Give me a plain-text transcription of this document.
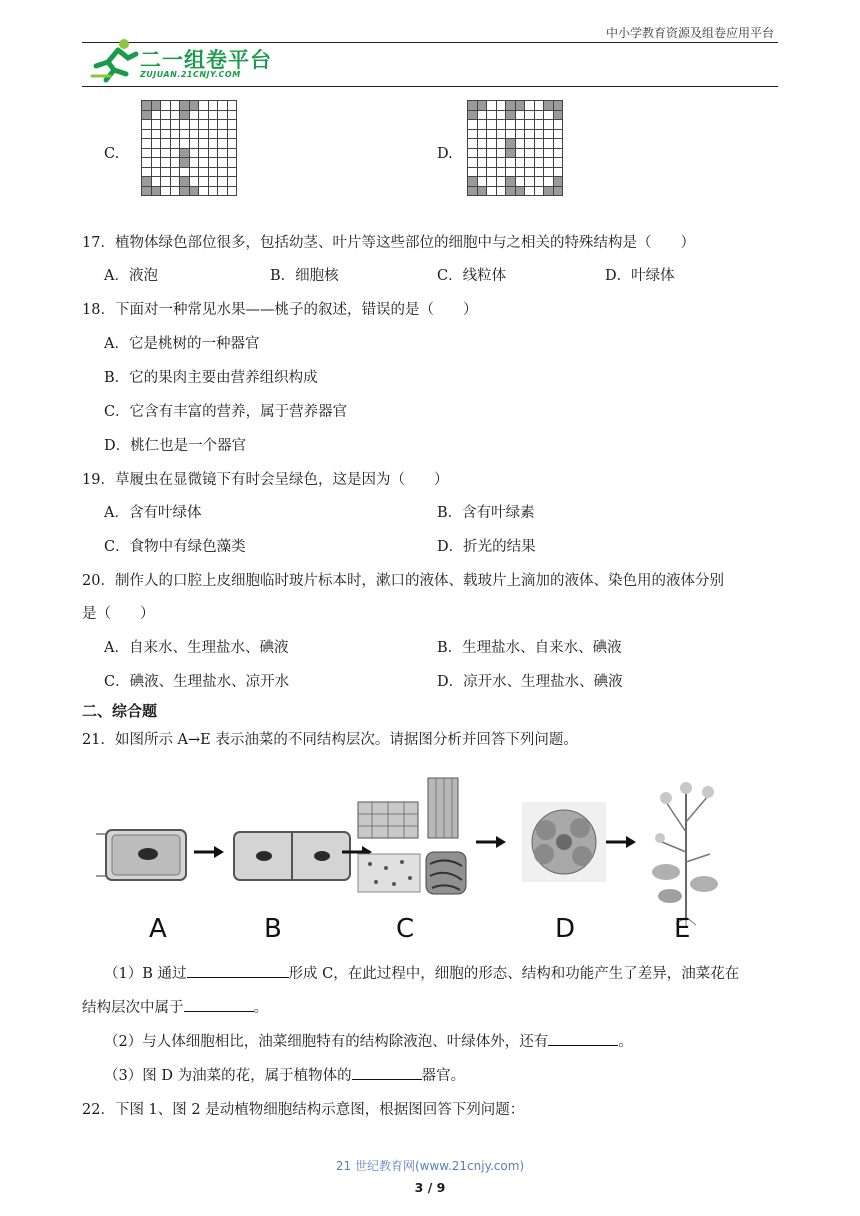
中小学教育资源及组卷应用平台
二一组卷平台
ZUJUAN.21CNJY.COM
C.

										D.

17．植物体绿色部位很多，包括幼茎、叶片等这些部位的细胞中与之相关的特殊结构是（　　）
A．液泡	B．细胞核	C．线粒体	D．叶绿体
18．下面对一种常见水果——桃子的叙述，错误的是（　　）
A．它是桃树的一种器官
B．它的果肉主要由营养组织构成
C．它含有丰富的营养，属于营养器官
D．桃仁也是一个器官
19．草履虫在显微镜下有时会呈绿色，这是因为（　　）
A．含有叶绿体	B．含有叶绿素
C．食物中有绿色藻类	D．折光的结果
20．制作人的口腔上皮细胞临时玻片标本时，漱口的液体、载玻片上滴加的液体、染色用的液体分别
是（　　）
A．自来水、生理盐水、碘液	B．生理盐水、自来水、碘液
C．碘液、生理盐水、凉开水	D．凉开水、生理盐水、碘液
二、综合题
21．如图所示 A→E 表示油菜的不同结构层次。请据图分析并回答下列问题。
A	B	C	D	E
（1）B 通过	形成 C，在此过程中，细胞的形态、结构和功能产生了差异，油菜花在
结构层次中属于	。
（2）与人体细胞相比，油菜细胞特有的结构除液泡、叶绿体外，还有	。
（3）图 D 为油菜的花，属于植物体的	器官。
22．下图 1、图 2 是动植物细胞结构示意图，根据图回答下列问题：
21 世纪教育网(www.21cnjy.com)
3 / 9
